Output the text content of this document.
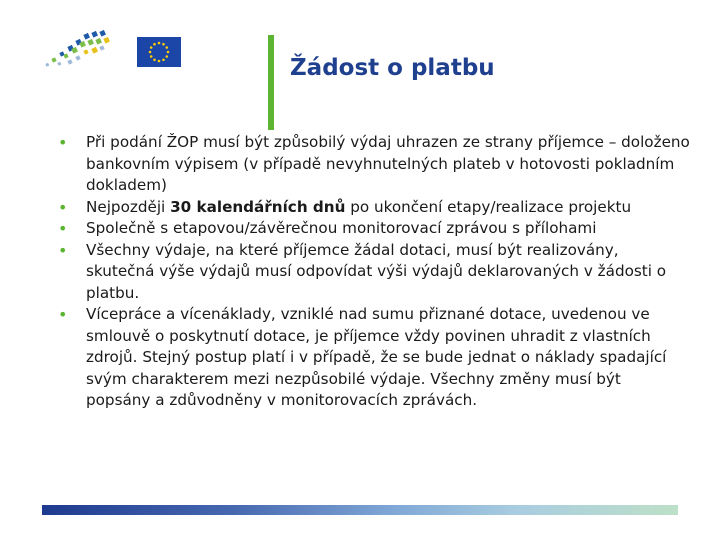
Žádost o platbu
• Při podání ŽOP musí být způsobilý výdaj uhrazen ze strany příjemce – doloženo bankovním výpisem (v případě nevyhnutelných plateb v hotovosti pokladním dokladem)
• Nejpozději 30 kalendářních dnů po ukončení etapy/realizace projektu
• Společně s etapovou/závěrečnou monitorovací zprávou s přílohami
• Všechny výdaje, na které příjemce žádal dotaci, musí být realizovány, skutečná výše výdajů musí odpovídat výši výdajů deklarovaných v žádosti o platbu.
• Vícepráce a vícenáklady, vzniklé nad sumu přiznané dotace, uvedenou ve smlouvě o poskytnutí dotace, je příjemce vždy povinen uhradit z vlastních zdrojů. Stejný postup platí i v případě, že se bude jednat o náklady spadající svým charakterem mezi nezpůsobilé výdaje. Všechny změny musí být popsány a zdůvodněny v monitorovacích zprávách.
